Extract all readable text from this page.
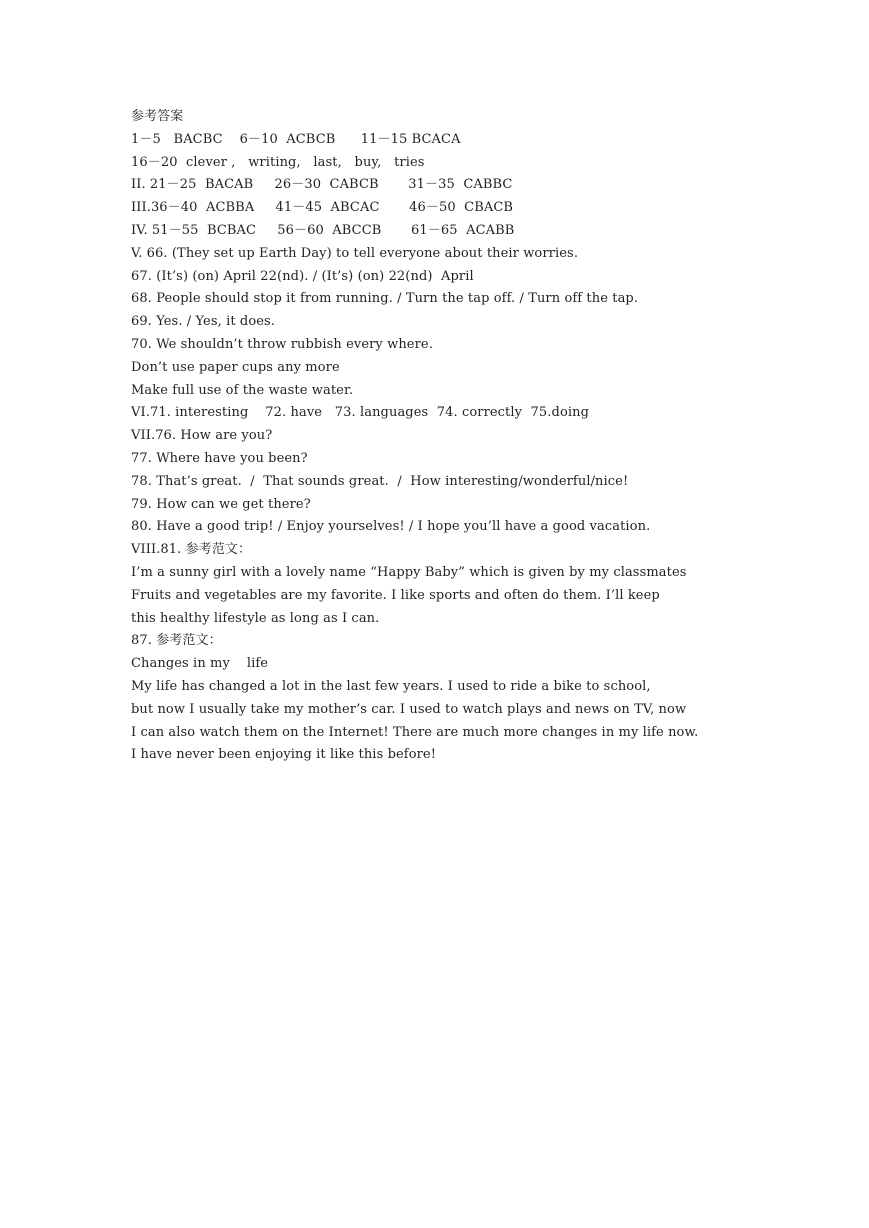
参考答案
1－5   BACBC    6－10  ACBCB      11－15 BCACA
16－20  clever ,   writing,   last,   buy,   tries
II. 21－25  BACAB     26－30  CABCB       31－35  CABBC
III.36－40  ACBBA     41－45  ABCAC       46－50  CBACB
IV. 51－55  BCBAC     56－60  ABCCB       61－65  ACABB
V. 66. (They set up Earth Day) to tell everyone about their worries.
67. (It’s) (on) April 22(nd). / (It’s) (on) 22(nd)  April
68. People should stop it from running. / Turn the tap off. / Turn off the tap.
69. Yes. / Yes, it does.
70. We shouldn’t throw rubbish every where.
Don’t use paper cups any more
Make full use of the waste water.
VI.71. interesting    72. have   73. languages  74. correctly  75.doing
VII.76. How are you?
77. Where have you been?
78. That’s great.  /  That sounds great.  /  How interesting/wonderful/nice!
79. How can we get there?
80. Have a good trip! / Enjoy yourselves! / I hope you’ll have a good vacation.
VIII.81. 参考范文：
I’m a sunny girl with a lovely name “Happy Baby” which is given by my classmates
Fruits and vegetables are my favorite. I like sports and often do them. I’ll keep
this healthy lifestyle as long as I can.
87. 参考范文：
Changes in my    life
My life has changed a lot in the last few years. I used to ride a bike to school,
but now I usually take my mother’s car. I used to watch plays and news on TV, now
I can also watch them on the Internet! There are much more changes in my life now.
I have never been enjoying it like this before!
